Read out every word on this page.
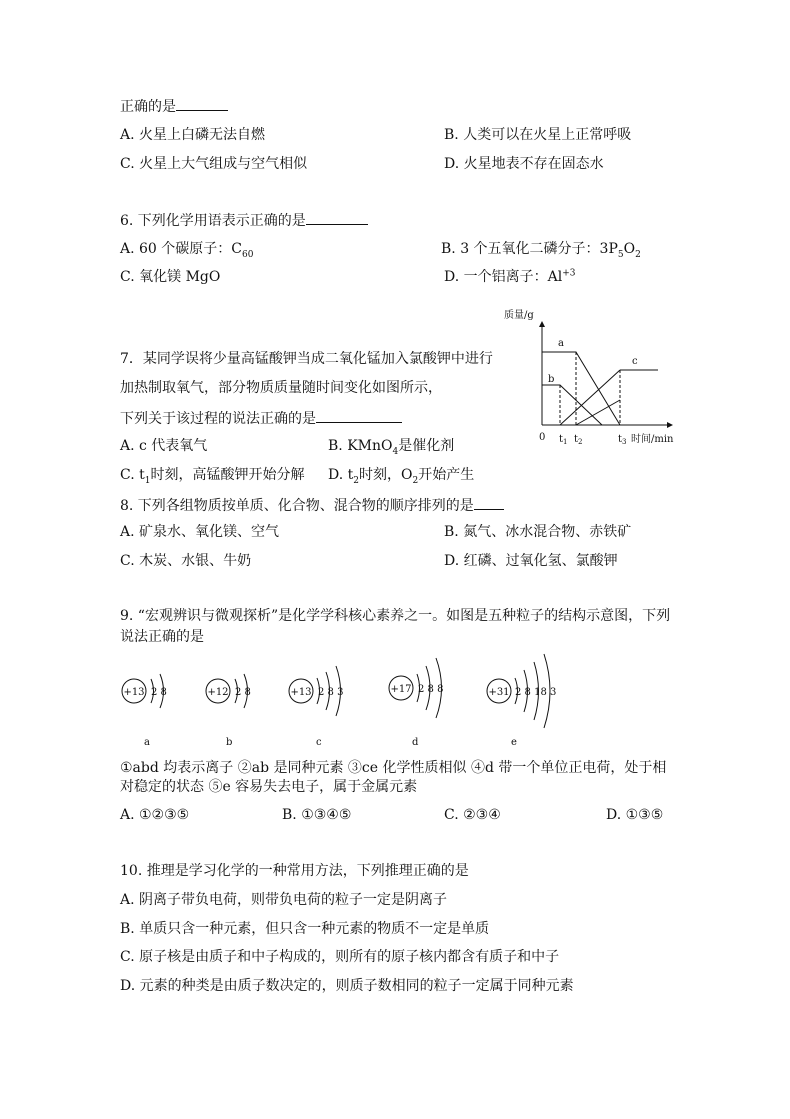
正确的是
A. 火星上白磷无法自燃	B. 人类可以在火星上正常呼吸
C. 火星上大气组成与空气相似	D. 火星地表不存在固态水
6. 下列化学用语表示正确的是
A. 60 个碳原子：$C_{60}$	B. 3 个五氧化二磷分子：$3P_5O_2$
C. 氧化镁 MgO	D. 一个铝离子：$Al^{+3}$
7．某同学误将少量高锰酸钾当成二氧化锰加入氯酸钾中进行
加热制取氧气，部分物质质量随时间变化如图所示，
下列关于该过程的说法正确的是
A. c 代表氧气	B. KMnO$_4$是催化剂
C. $t_1$时刻，高锰酸钾开始分解 D. $t_2$时刻，$O_2$开始产生
质量/g
0 $t_1$ $t_2$	$t_3$ 时间/min
a
b
c
8. 下列各组物质按单质、化合物、混合物的顺序排列的是
A. 矿泉水、氧化镁、空气	B. 氮气、冰水混合物、赤铁矿
C. 木炭、水银、牛奶	D. 红磷、过氧化氢、氯酸钾
9. “宏观辨识与微观探析”是化学学科核心素养之一。如图是五种粒子的结构示意图，下列
说法正确的是
+13 2 8
a
+12 2 8
b
+13 2 8 3
c
+17 2 8 8
d
+31 2 8 18 3
e
①abd 均表示离子 ②ab 是同种元素 ③ce 化学性质相似 ④d 带一个单位正电荷，处于相
对稳定的状态 ⑤e 容易失去电子，属于金属元素
A. ①②③⑤	B. ①③④⑤	C. ②③④	D. ①③⑤
10. 推理是学习化学的一种常用方法，下列推理正确的是
A. 阴离子带负电荷，则带负电荷的粒子一定是阴离子
B. 单质只含一种元素，但只含一种元素的物质不一定是单质
C. 原子核是由质子和中子构成的，则所有的原子核内都含有质子和中子
D. 元素的种类是由质子数决定的，则质子数相同的粒子一定属于同种元素
